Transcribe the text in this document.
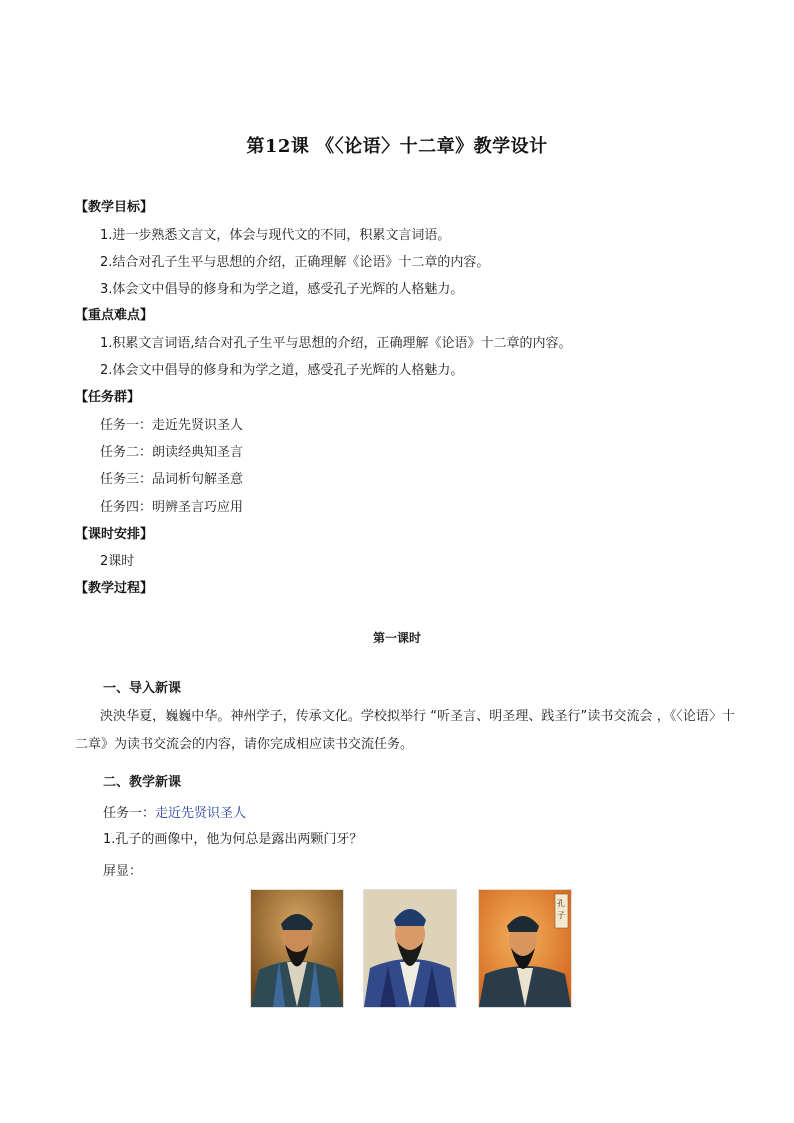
第12课 《〈论语〉十二章》教学设计
【教学目标】
1.进一步熟悉文言文，体会与现代文的不同，积累文言词语。
2.结合对孔子生平与思想的介绍，正确理解《论语》十二章的内容。
3.体会文中倡导的修身和为学之道，感受孔子光辉的人格魅力。
【重点难点】
1.积累文言词语,结合对孔子生平与思想的介绍，正确理解《论语》十二章的内容。
2.体会文中倡导的修身和为学之道，感受孔子光辉的人格魅力。
【任务群】
任务一：走近先贤识圣人
任务二：朗读经典知圣言
任务三：品词析句解圣意
任务四：明辨圣言巧应用
【课时安排】
2课时
【教学过程】
第一课时
一、导入新课
泱泱华夏，巍巍中华。神州学子，传承文化。学校拟举行 “听圣言、明圣理、践圣行”读书交流会 ，《〈论语〉十二章》为读书交流会的内容，请你完成相应读书交流任务。
二、教学新课
任务一：走近先贤识圣人
1.孔子的画像中，他为何总是露出两颗门牙？
屏显：
孔子
